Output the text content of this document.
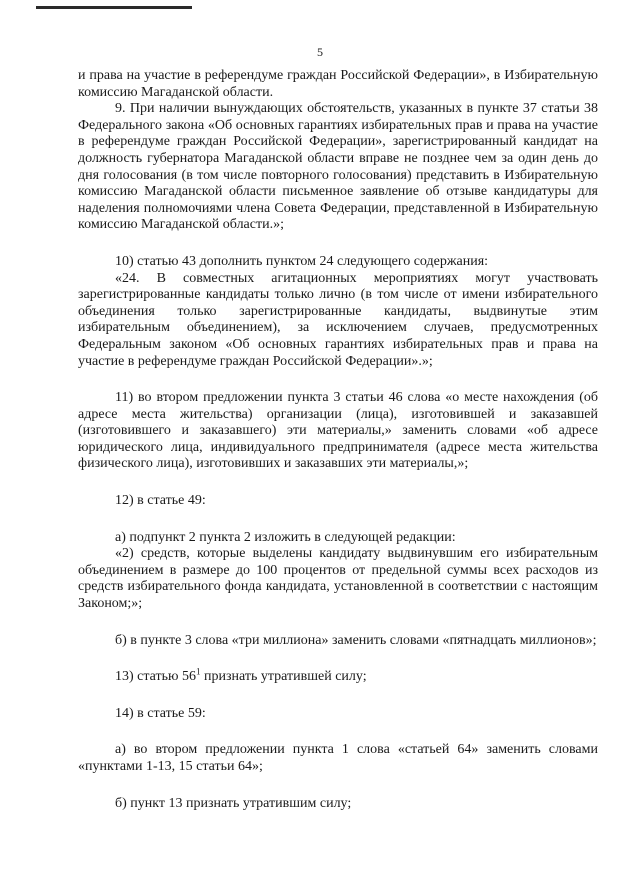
5

и права на участие в референдуме граждан Российской Федерации», в Избирательную комиссию Магаданской области.

9. При наличии вынуждающих обстоятельств, указанных в пункте 37 статьи 38 Федерального закона «Об основных гарантиях избирательных прав и права на участие в референдуме граждан Российской Федерации», зарегистрированный кандидат на должность губернатора Магаданской области вправе не позднее чем за один день до дня голосования (в том числе повторного голосования) представить в Избирательную комиссию Магаданской области письменное заявление об отзыве кандидатуры для наделения полномочиями члена Совета Федерации, представленной в Избирательную комиссию Магаданской области.»;

10) статью 43 дополнить пунктом 24 следующего содержания:

«24. В совместных агитационных мероприятиях могут участвовать зарегистрированные кандидаты только лично (в том числе от имени избирательного объединения только зарегистрированные кандидаты, выдвинутые этим избирательным объединением), за исключением случаев, предусмотренных Федеральным законом «Об основных гарантиях избирательных прав и права на участие в референдуме граждан Российской Федерации».»;

11) во втором предложении пункта 3 статьи 46 слова «о месте нахождения (об адресе места жительства) организации (лица), изготовившей и заказавшей (изготовившего и заказавшего) эти материалы,» заменить словами «об адресе юридического лица, индивидуального предпринимателя (адресе места жительства физического лица), изготовивших и заказавших эти материалы,»;

12) в статье 49:

а) подпункт 2 пункта 2 изложить в следующей редакции:

«2) средств, которые выделены кандидату выдвинувшим его избирательным объединением в размере до 100 процентов от предельной суммы всех расходов из средств избирательного фонда кандидата, установленной в соответствии с настоящим Законом;»;

б) в пункте 3 слова «три миллиона» заменить словами «пятнадцать миллионов»;

13) статью $56^1$ признать утратившей силу;

14) в статье 59:

а) во втором предложении пункта 1 слова «статьей 64» заменить словами «пунктами 1-13, 15 статьи 64»;

б) пункт 13 признать утратившим силу;
